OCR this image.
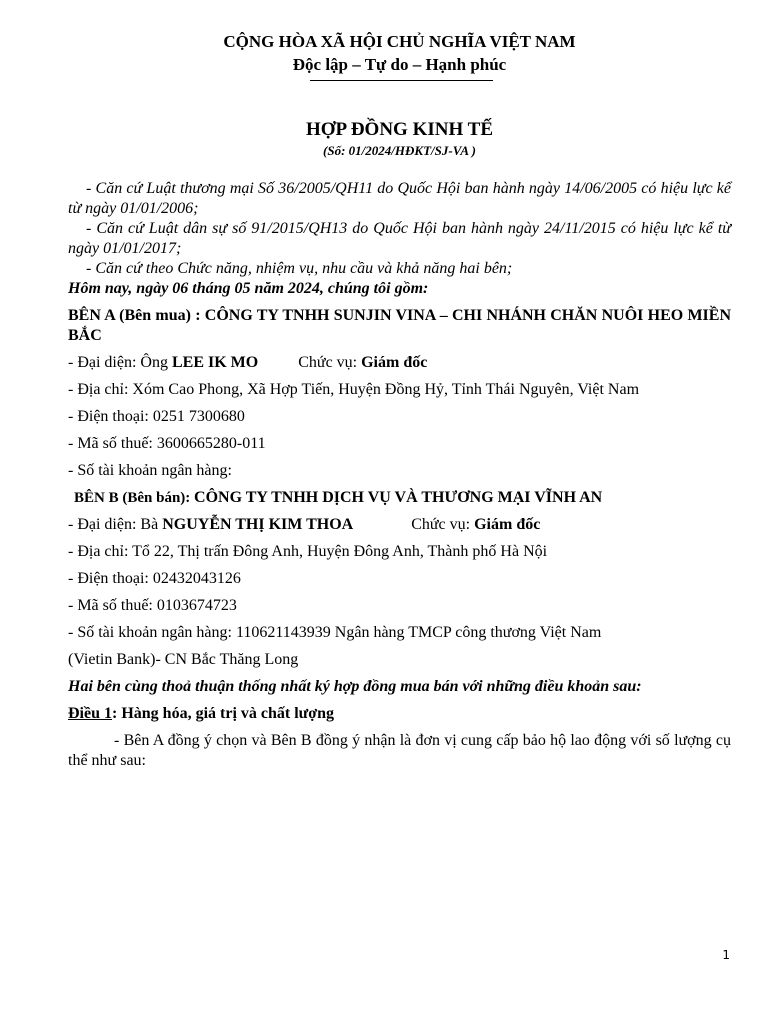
CỘNG HÒA XÃ HỘI CHỦ NGHĨA VIỆT NAM

Độc lập – Tự do – Hạnh phúc

HỢP ĐỒNG KINH TẾ

(Số: 01/2024/HĐKT/SJ-VA )

- Căn cứ Luật thương mại Số 36/2005/QH11 do Quốc Hội ban hành ngày 14/06/2005 có hiệu lực kể từ ngày 01/01/2006;

- Căn cứ Luật dân sự số 91/2015/QH13 do Quốc Hội ban hành ngày 24/11/2015 có hiệu lực kể từ ngày 01/01/2017;

- Căn cứ theo Chức năng, nhiệm vụ, nhu cầu và khả năng hai bên;

Hôm nay, ngày 06 tháng 05 năm 2024, chúng tôi gồm:

BÊN A (Bên mua) : CÔNG TY TNHH SUNJIN VINA – CHI NHÁNH CHĂN NUÔI HEO MIỀN BẮC

- Đại diện: Ông LEE IK MO	Chức vụ: Giám đốc

- Địa chỉ: Xóm Cao Phong, Xã Hợp Tiến, Huyện Đồng Hỷ, Tỉnh Thái Nguyên, Việt Nam

- Điện thoại: 0251 7300680

- Mã số thuế: 3600665280-011

- Số tài khoản ngân hàng:

BÊN B (Bên bán): CÔNG TY TNHH DỊCH VỤ VÀ THƯƠNG MẠI VĨNH AN

- Đại diện: Bà NGUYỄN THỊ KIM THOA	Chức vụ: Giám đốc

- Địa chỉ: Tổ 22, Thị trấn Đông Anh, Huyện Đông Anh, Thành phố Hà Nội

- Điện thoại: 02432043126

- Mã số thuế: 0103674723

- Số tài khoản ngân hàng: 110621143939 Ngân hàng TMCP công thương Việt Nam

(Vietin Bank)- CN Bắc Thăng Long

Hai bên cùng thoả thuận thống nhất ký hợp đồng mua bán với những điều khoản sau:

Điều 1: Hàng hóa, giá trị và chất lượng

- Bên A đồng ý chọn và Bên B đồng ý nhận là đơn vị cung cấp bảo hộ lao động với số lượng cụ thể như sau:

1
